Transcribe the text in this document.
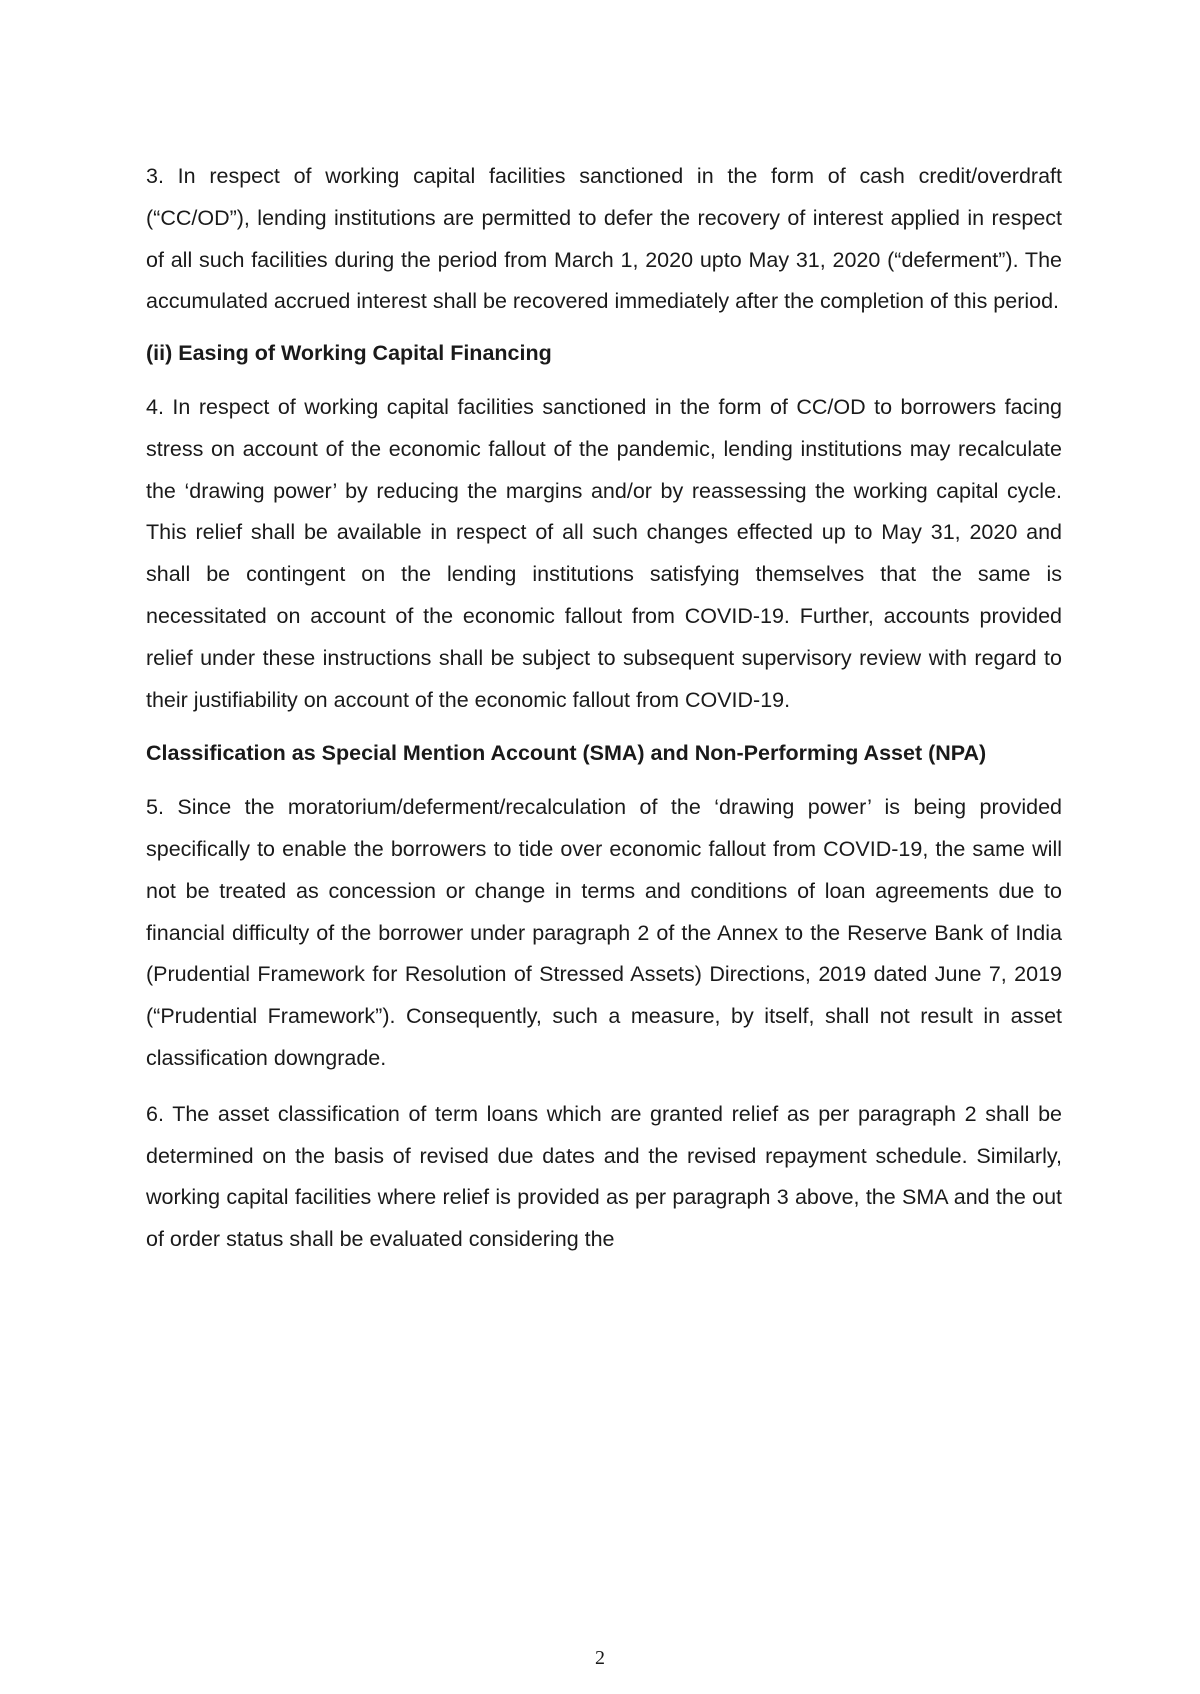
3. In respect of working capital facilities sanctioned in the form of cash credit/overdraft (“CC/OD”), lending institutions are permitted to defer the recovery of interest applied in respect of all such facilities during the period from March 1, 2020 upto May 31, 2020 (“deferment”). The accumulated accrued interest shall be recovered immediately after the completion of this period.

(ii) Easing of Working Capital Financing

4. In respect of working capital facilities sanctioned in the form of CC/OD to borrowers facing stress on account of the economic fallout of the pandemic, lending institutions may recalculate the ‘drawing power’ by reducing the margins and/or by reassessing the working capital cycle. This relief shall be available in respect of all such changes effected up to May 31, 2020 and shall be contingent on the lending institutions satisfying themselves that the same is necessitated on account of the economic fallout from COVID-19. Further, accounts provided relief under these instructions shall be subject to subsequent supervisory review with regard to their justifiability on account of the economic fallout from COVID-19.

Classification as Special Mention Account (SMA) and Non-Performing Asset (NPA)

5. Since the moratorium/deferment/recalculation of the ‘drawing power’ is being provided specifically to enable the borrowers to tide over economic fallout from COVID-19, the same will not be treated as concession or change in terms and conditions of loan agreements due to financial difficulty of the borrower under paragraph 2 of the Annex to the Reserve Bank of India (Prudential Framework for Resolution of Stressed Assets) Directions, 2019 dated June 7, 2019 (“Prudential Framework”). Consequently, such a measure, by itself, shall not result in asset classification downgrade.

6. The asset classification of term loans which are granted relief as per paragraph 2 shall be determined on the basis of revised due dates and the revised repayment schedule. Similarly, working capital facilities where relief is provided as per paragraph 3 above, the SMA and the out of order status shall be evaluated considering the

2
